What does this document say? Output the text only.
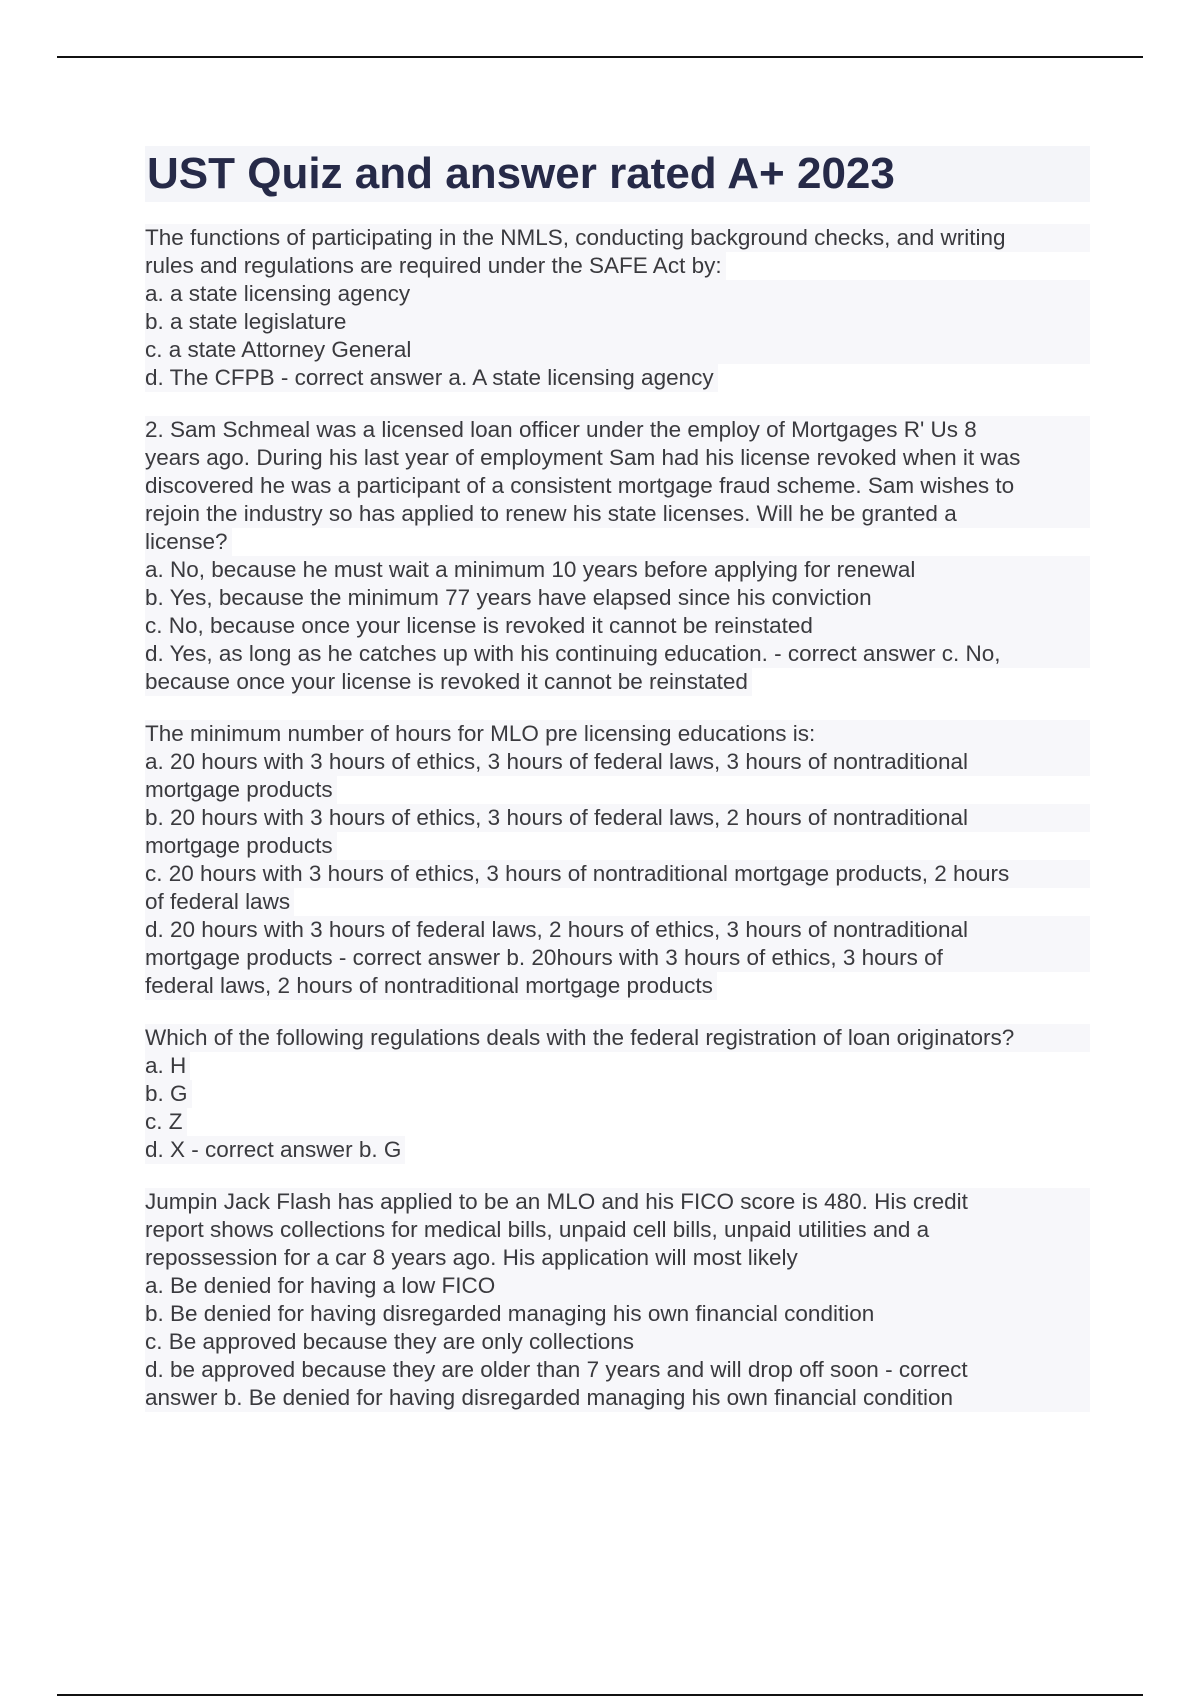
UST Quiz and answer rated A+ 2023
The functions of participating in the NMLS, conducting background checks, and writing
rules and regulations are required under the SAFE Act by:
a. a state licensing agency
b. a state legislature
c. a state Attorney General
d. The CFPB - correct answer a. A state licensing agency
2. Sam Schmeal was a licensed loan officer under the employ of Mortgages R' Us 8
years ago. During his last year of employment Sam had his license revoked when it was
discovered he was a participant of a consistent mortgage fraud scheme. Sam wishes to
rejoin the industry so has applied to renew his state licenses. Will he be granted a
license?
a. No, because he must wait a minimum 10 years before applying for renewal
b. Yes, because the minimum 77 years have elapsed since his conviction
c. No, because once your license is revoked it cannot be reinstated
d. Yes, as long as he catches up with his continuing education. - correct answer c. No,
because once your license is revoked it cannot be reinstated
The minimum number of hours for MLO pre licensing educations is:
a. 20 hours with 3 hours of ethics, 3 hours of federal laws, 3 hours of nontraditional
mortgage products
b. 20 hours with 3 hours of ethics, 3 hours of federal laws, 2 hours of nontraditional
mortgage products
c. 20 hours with 3 hours of ethics, 3 hours of nontraditional mortgage products, 2 hours
of federal laws
d. 20 hours with 3 hours of federal laws, 2 hours of ethics, 3 hours of nontraditional
mortgage products - correct answer b. 20hours with 3 hours of ethics, 3 hours of
federal laws, 2 hours of nontraditional mortgage products
Which of the following regulations deals with the federal registration of loan originators?
a. H
b. G
c. Z
d. X - correct answer b. G
Jumpin Jack Flash has applied to be an MLO and his FICO score is 480. His credit
report shows collections for medical bills, unpaid cell bills, unpaid utilities and a
repossession for a car 8 years ago. His application will most likely
a. Be denied for having a low FICO
b. Be denied for having disregarded managing his own financial condition
c. Be approved because they are only collections
d. be approved because they are older than 7 years and will drop off soon - correct
answer b. Be denied for having disregarded managing his own financial condition
